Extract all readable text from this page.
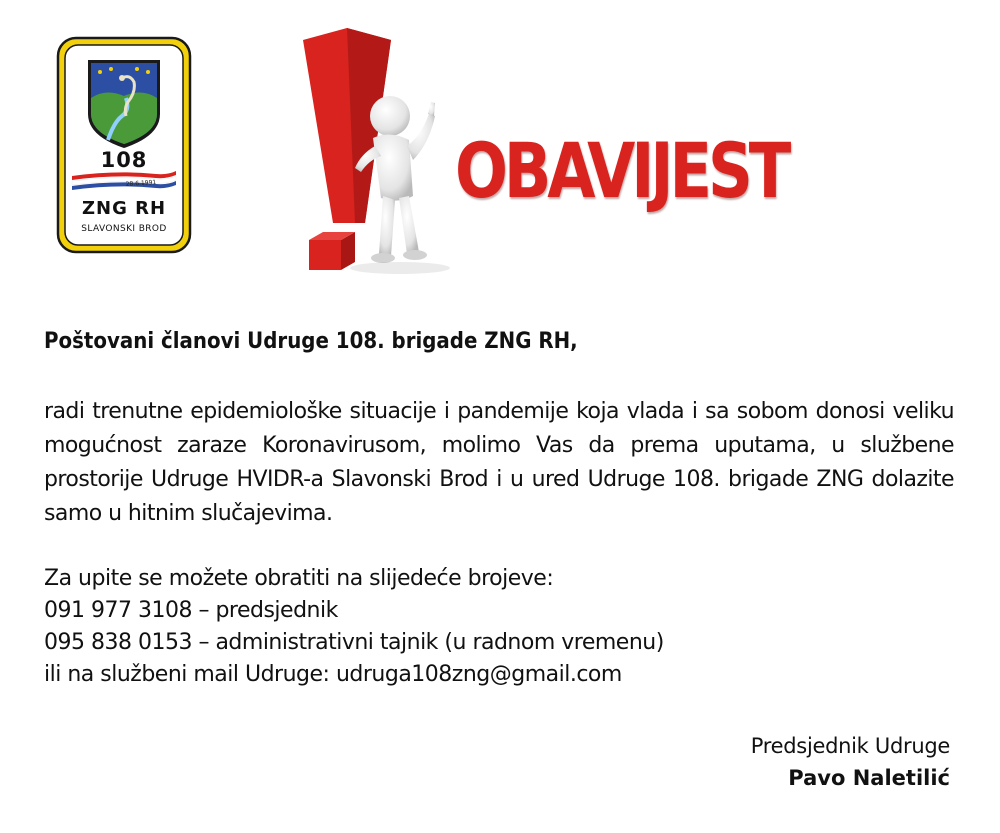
108
28.6.1991
ZNG RH
SLAVONSKI BROD
OBAVIJEST

Poštovani članovi Udruge 108. brigade ZNG RH,

radi trenutne epidemiološke situacije i pandemije koja vlada i sa sobom donosi veliku mogućnost zaraze Koronavirusom, molimo Vas da prema uputama, u službene prostorije Udruge HVIDR-a Slavonski Brod i u ured Udruge 108. brigade ZNG dolazite samo u hitnim slučajevima.

Za upite se možete obratiti na slijedeće brojeve:
091 977 3108 – predsjednik
095 838 0153 – administrativni tajnik (u radnom vremenu)
ili na službeni mail Udruge: udruga108zng@gmail.com
Predsjednik Udruge
Pavo Naletilić
